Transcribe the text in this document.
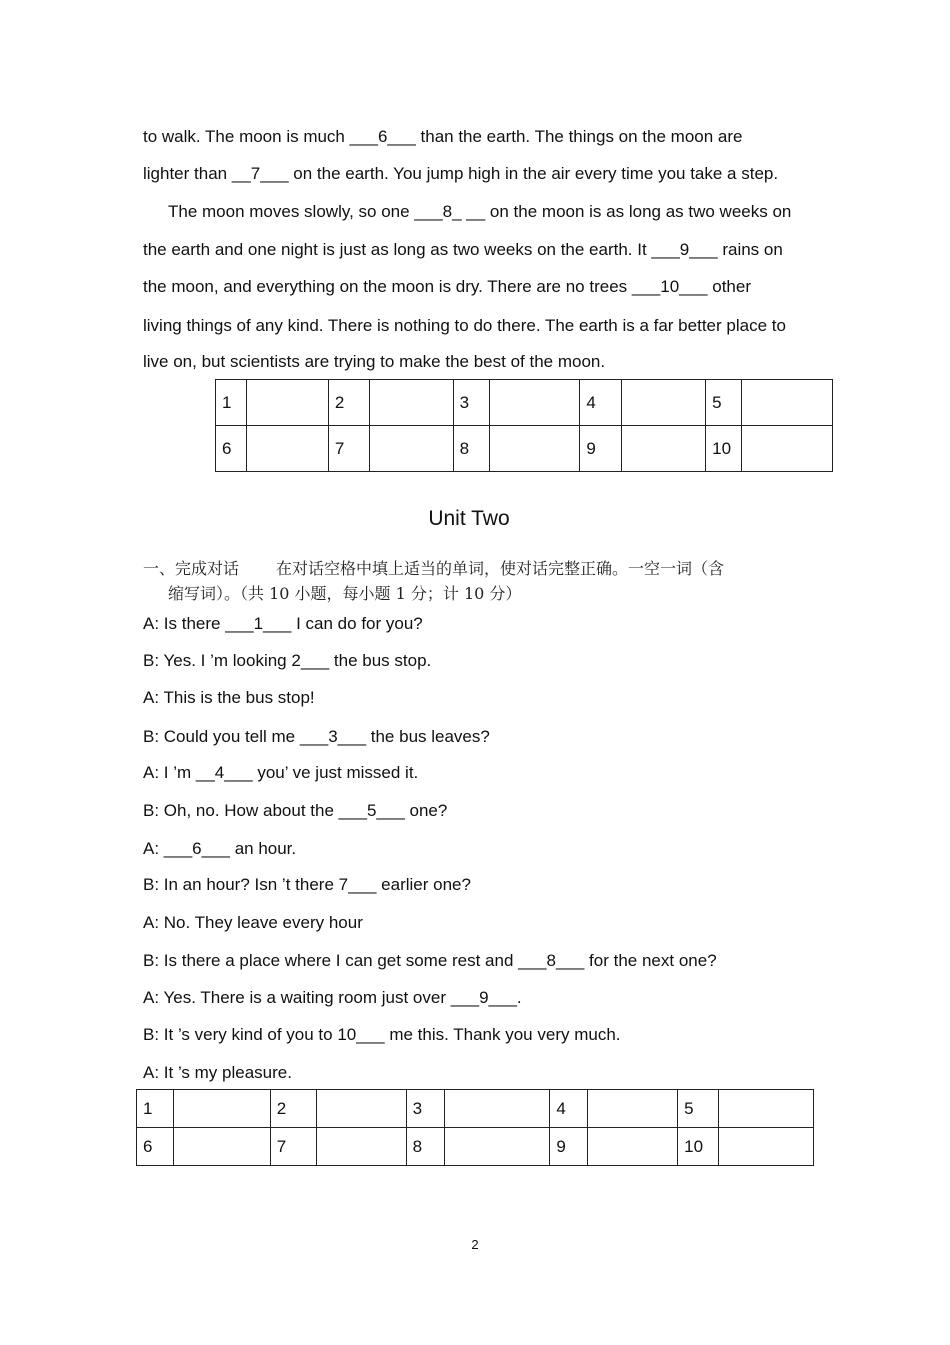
to walk. The moon is much ___6___ than the earth. The things on the moon are
lighter than __7___ on the earth. You jump high in the air every time you take a step.
The moon moves slowly, so one ___8_ __ on the moon is as long as two weeks on
the earth and one night is just as long as two weeks on the earth. It ___9___ rains on
the moon, and everything on the moon is dry. There are no trees ___10___ other
living things of any kind. There is nothing to do there. The earth is a far better place to
live on, but scientists are trying to make the best of the moon.
1		2		3		4		5	
6		7		8		9		10	
Unit Two
一、完成对话 在对话空格中填上适当的单词，使对话完整正确。一空一词（含
缩写词）。（共 10 小题，每小题 1 分；计 10 分）
A: Is there ___1___ I can do for you?
B: Yes. I ’m looking 2___ the bus stop.
A: This is the bus stop!
B: Could you tell me ___3___ the bus leaves?
A: I ’m __4___ you’ ve just missed it.
B: Oh, no. How about the ___5___ one?
A: ___6___ an hour.
B: In an hour? Isn ’t there 7___ earlier one?
A: No. They leave every hour
B: Is there a place where I can get some rest and ___8___ for the next one?
A: Yes. There is a waiting room just over ___9___.
B: It ’s very kind of you to 10___ me this. Thank you very much.
A: It ’s my pleasure.
1		2		3		4		5	
6		7		8		9		10	
2
